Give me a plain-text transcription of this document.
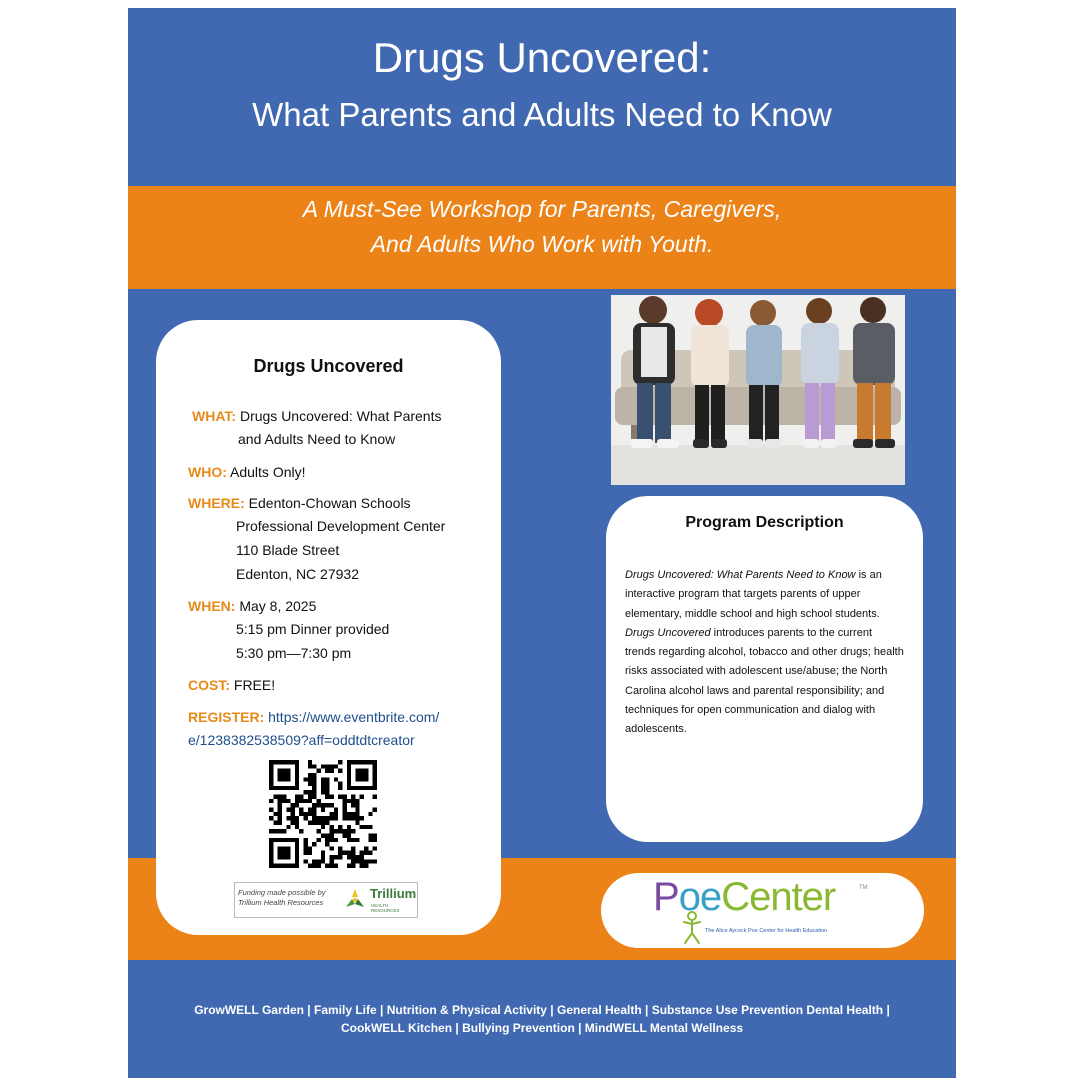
Drugs Uncovered:
What Parents and Adults Need to Know
A Must-See Workshop for Parents, Caregivers,
And Adults Who Work with Youth.
Drugs Uncovered
WHAT: Drugs Uncovered: What Parents
and Adults Need to Know
WHO: Adults Only!
WHERE: Edenton-Chowan Schools
Professional Development Center
110 Blade Street
Edenton, NC 27932
WHEN: May 8, 2025
5:15 pm Dinner provided
5:30 pm—7:30 pm
COST: FREE!
REGISTER: https://www.eventbrite.com/
e/1238382538509?aff=oddtdtcreator
Funding made possible by
Trillium Health Resources
Trillium
HEALTH RESOURCES
Program Description
Drugs Uncovered: What Parents Need to Know is an interactive program that targets parents of upper elementary, middle school and high school students. Drugs Uncovered introduces parents to the current trends regarding alcohol, tobacco and other drugs; health risks associated with adolescent use/abuse; the North Carolina alcohol laws and parental responsibility; and techniques for open communication and dialog with adolescents.
PoeCenter	TM
The Alice Aycock Poe Center for Health Education
GrowWELL Garden | Family Life | Nutrition & Physical Activity | General Health | Substance Use Prevention Dental Health |
CookWELL Kitchen | Bullying Prevention | MindWELL Mental Wellness
